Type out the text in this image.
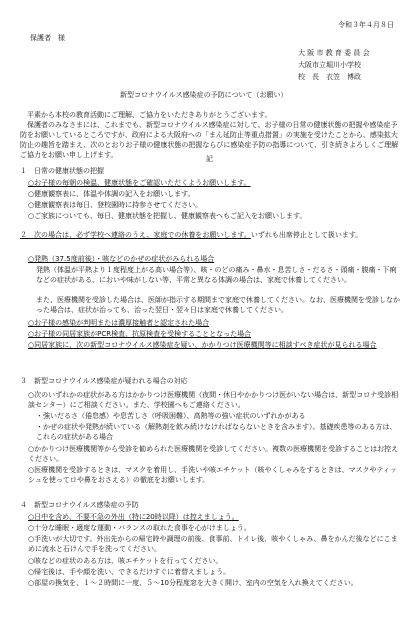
令和３年４月８日
保護者　様
大 阪 市 教 育 委 員 会
大阪市立堀川小学校
校　長　衣笠　博政
新型コロナウイルス感染症の予防について（お願い）
平素から本校の教育活動にご理解、ご協力をいただきありがとうございます。
保護者のみなさまには、これまでも、新型コロナウイルス感染症に対して、お子様の日常の健康状態の把握や感染症予防をお願いしているところですが、政府による大阪府への「まん延防止等重点措置」の実施を受けたことから、感染拡大防止の趣旨を踏まえ、次のとおりお子様の健康状態の把握ならびに感染症予防の指導について、引き続きよろしくご理解ご協力をお願い申し上げます。	記
１　日常の健康状態の把握
○お子様の毎朝の検温、健康状態をご確認いただくようお願いします。
○健康観察表に、体温や体調の記入をお願いします。
○健康観察表は毎日、登校園時に持参させてください。
○ご家族についても、毎日、健康状態を把握し、健康観察表へもご記入をお願いします。
２　次の場合は、必ず学校へ連絡のうえ、家庭での休養をお願いします。いずれも出席停止として扱います。
○発熱（37.5度前後）・咳などのかぜの症状がみられる場合
発熱（体温が平熱より１度程度上がる高い場合等）、咳・のどの痛み・鼻水・息苦しさ・だるさ・頭痛・腹痛・下痢などの症状がある、においや味がしない等、平常と異なる体調の場合は、家庭で休養してください。
また、医療機関を受診した場合は、医師が指示する期間まで家庭で休養してください。なお、医療機関を受診しなかった場合は、症状が治っても、治った翌日・翌々日は家庭で休養してください。
○お子様の感染が判明または濃厚接触者と認定された場合
○お子様の同居家族がPCR検査、抗原検査を受検することとなった場合
○同居家族に、次の新型コロナウイルス感染症を疑い、かかりつけ医療機関等に相談すべき症状が見られる場合
３　新型コロナウイルス感染症が疑われる場合の対応
○次のいずれかの症状がある方はかかりつけ医療機関（夜間・休日やかかりつけ医がいない場合は、新型コロナ受診相談センター）にご相談ください。また、学校園へもご連絡ください。
・強いだるさ（倦怠感）や息苦しさ（呼吸困難）、高熱等の強い症状のいずれかがある
・かぜの症状や発熱が続いている（解熱剤を飲み続けなければならないときを含みます）。基礎疾患等のある方は、これらの症状がある場合
○かかりつけ医療機関等から受診を勧められた医療機関を受診してください。複数の医療機関を受診することはお控えください。
○医療機関を受診するときは、マスクを着用し、手洗いや咳エチケット（咳やくしゃみをするときは、マスクやティッシュを使ってロや鼻をおさえる）の徹底をお願いします。
４　新型コロナウイルス感染症の予防
○日中を含め、不要不急の外出（特に20時以降）は控えましょう。
○十分な睡眠・適度な運動・バランスの取れた食事を心がけましょう。
○手洗いが大切です。外出先からの帰宅時や調理の前後、食事前、トイレ後、咳やくしゃみ、鼻をかんだ後などにこまめに流水と石けんで手を洗ってください。
○咳などの症状のある方は、咳エチケットを行ってください。
○帰宅後は、手や顔を洗い、できるだけすぐに着替えましょう。
○部屋の換気を、１～２時間に一度、５～10分程度窓を大きく開け、室内の空気を入れ換えてください。
